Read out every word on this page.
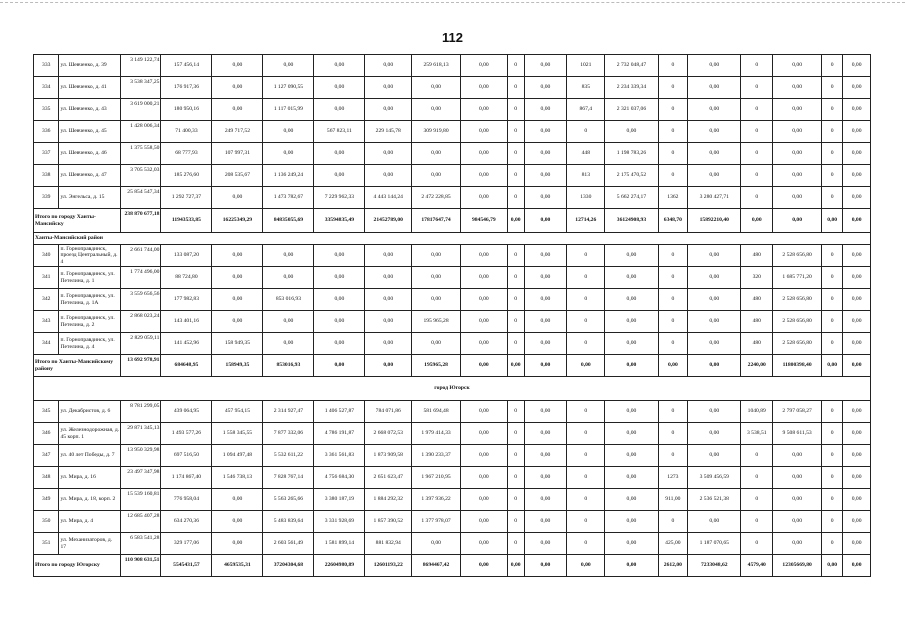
112
333	ул. Шевченко, д. 39	3 149 122,74	157 456,14	0,00	0,00	0,00	0,00	259 618,13	0,00	0	0,00	1021	2 732 048,47	0	0,00	0	0,00	0	0,00
334	ул. Шевченко, д. 41	3 538 347,25	176 917,36	0,00	1 127 090,55	0,00	0,00	0,00	0,00	0	0,00	835	2 234 339,34	0	0,00	0	0,00	0	0,00
335	ул. Шевченко, д. 43	3 619 000,21	180 950,16	0,00	1 117 015,99	0,00	0,00	0,00	0,00	0	0,00	867,4	2 321 037,06	0	0,00	0	0,00	0	0,00
336	ул. Шевченко, д. 45	1 428 006,34	71 400,33	249 717,52	0,00	567 823,11	229 145,78	309 919,80	0,00	0	0,00	0	0,00	0	0,00	0	0,00	0	0,00
337	ул. Шевченко, д. 46	1 375 558,50	68 777,93	107 997,31	0,00	0,00	0,00	0,00	0,00	0	0,00	448	1 198 783,26	0	0,00	0	0,00	0	0,00
338	ул. Шевченко, д. 47	3 705 532,03	185 276,60	208 535,67	1 136 249,24	0,00	0,00	0,00	0,00	0	0,00	813	2 175 470,52	0	0,00	0	0,00	0	0,00
339	ул. Энгельса, д. 15	25 854 547,34	1 292 727,37	0,00	1 473 782,67	7 229 962,33	4 443 144,24	2 472 228,85	0,00	0	0,00	1330	5 662 274,17	1362	3 280 427,71	0	0,00	0	0,00
Итого по городу Ханты-Мансийску		238 870 677,18	11943533,85	16225349,29	84835055,69	33594835,49	21452789,00	17817647,74	984546,79	0,00	0,00	12714,26	36124908,93	6348,70	15892210,40	0,00	0,00	0,00	0,00
Ханты-Мансийский район																			
340	п. Горноправдинск, проезд Центральный, д. 4	2 661 744,00	133 087,20	0,00	0,00	0,00	0,00	0,00	0,00	0	0,00	0	0,00	0	0,00	480	2 528 656,80	0	0,00
341	п. Горноправдинск, ул. Петелина, д. 1	1 774 496,00	88 724,80	0,00	0,00	0,00	0,00	0,00	0,00	0	0,00	0	0,00	0	0,00	320	1 685 771,20	0	0,00
342	п. Горноправдинск, ул. Петелина, д. 1А	3 559 656,56	177 982,83	0,00	853 016,93	0,00	0,00	0,00	0,00	0	0,00	0	0,00	0	0,00	480	2 528 656,80	0	0,00
343	п. Горноправдинск, ул. Петелина, д. 2	2 868 023,24	143 401,16	0,00	0,00	0,00	0,00	195 965,28	0,00	0	0,00	0	0,00	0	0,00	480	2 528 656,80	0	0,00
344	п. Горноправдинск, ул. Петелина, д. 4	2 829 059,11	141 452,96	158 949,35	0,00	0,00	0,00	0,00	0,00	0	0,00	0	0,00	0	0,00	480	2 528 656,80	0	0,00
Итого по Ханты-Мансийскому району		13 692 978,91	684648,95	158949,35	853016,93	0,00	0,00	195965,28	0,00	0,00	0,00	0,00	0,00	0,00	0,00	2240,00	11800398,40	0,00	0,00
город Югорск																			
345	ул. Декабристов, д. 6	8 781 299,05	439 064,95	457 954,15	2 314 927,47	1 406 527,87	784 071,86	581 694,48	0,00	0	0,00	0	0,00	0	0,00	1040,89	2 797 058,27	0	0,00
346	ул. Железнодорожная, д. 45 корп. 1	29 871 345,13	1 493 577,26	1 558 345,55	7 877 332,06	4 786 191,87	2 668 072,53	1 979 414,33	0,00	0	0,00	0	0,00	0	0,00	3 538,51	9 508 611,53	0	0,00
347	ул. 40 лет Победы, д. 7	13 950 329,98	697 516,50	1 094 497,48	5 532 611,22	3 361 561,83	1 873 909,58	1 390 233,37	0,00	0	0,00	0	0,00	0	0,00	0	0,00	0	0,00
348	ул. Мира, д. 16	23 497 347,98	1 174 867,40	1 546 738,13	7 828 767,14	4 756 684,30	2 651 623,47	1 967 210,95	0,00	0	0,00	0	0,00	1273	3 509 456,59	0	0,00	0	0,00
349	ул. Мира, д. 18, корп. 2	15 539 160,81	776 958,04	0,00	5 563 265,66	3 380 187,19	1 884 292,32	1 397 936,22	0,00	0	0,00	0	0,00	911,00	2 536 521,38	0	0,00	0	0,00
350	ул. Мира, д. 4	12 685 407,28	634 270,36	0,00	5 483 839,64	3 331 928,69	1 857 390,52	1 377 978,07	0,00	0	0,00	0	0,00	0	0,00	0	0,00	0	0,00
351	ул. Механизаторов, д. 17	6 583 541,28	329 177,06	0,00	2 603 561,49	1 581 899,14	881 832,94	0,00	0,00	0	0,00	0	0,00	425,00	1 187 070,65	0	0,00	0	0,00
Итого по городу Югорску		110 908 631,51	5545431,57	4659535,31	37204304,68	22604980,89	12601193,22	8694467,42	0,00	0,00	0,00	0,00	0,00	2612,00	7233048,62	4579,40	12305669,80	0,00	0,00
